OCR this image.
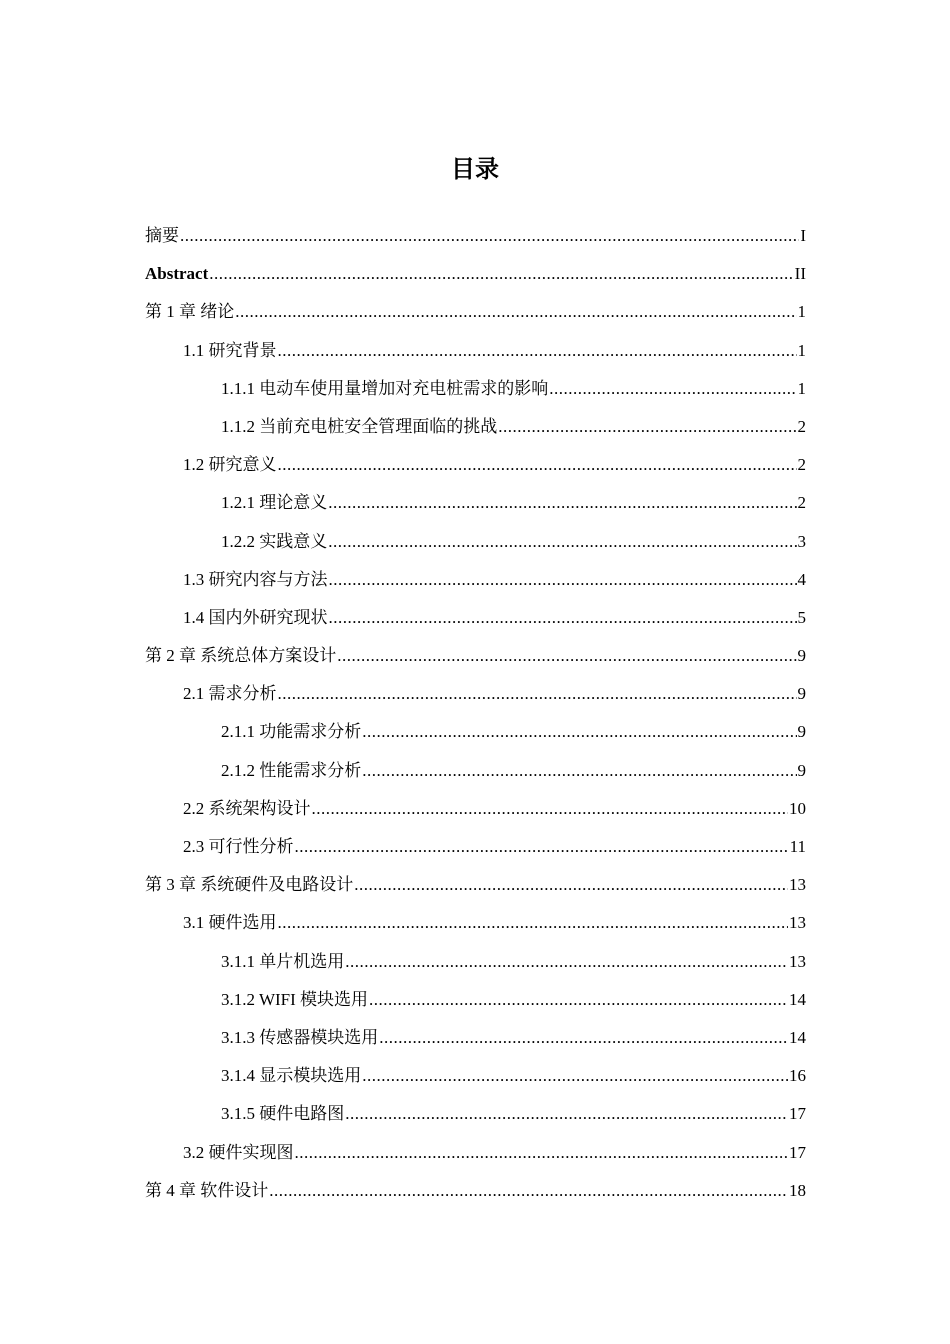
目录
摘要 .....	I
Abstract .....	II
第 1 章 绪论 .....	1
1.1 研究背景 .....	1
1.1.1 电动车使用量增加对充电桩需求的影响 .....	1
1.1.2 当前充电桩安全管理面临的挑战 .....	2
1.2 研究意义 .....	2
1.2.1 理论意义 .....	2
1.2.2 实践意义 .....	3
1.3 研究内容与方法 .....	4
1.4 国内外研究现状 .....	5
第 2 章 系统总体方案设计 .....	9
2.1 需求分析 .....	9
2.1.1 功能需求分析 .....	9
2.1.2 性能需求分析 .....	9
2.2 系统架构设计 .....	10
2.3 可行性分析 .....	11
第 3 章 系统硬件及电路设计 .....	13
3.1 硬件选用 .....	13
3.1.1 单片机选用 .....	13
3.1.2 WIFI 模块选用 .....	14
3.1.3 传感器模块选用 .....	14
3.1.4 显示模块选用 .....	16
3.1.5 硬件电路图 .....	17
3.2 硬件实现图 .....	17
第 4 章 软件设计 .....	18
